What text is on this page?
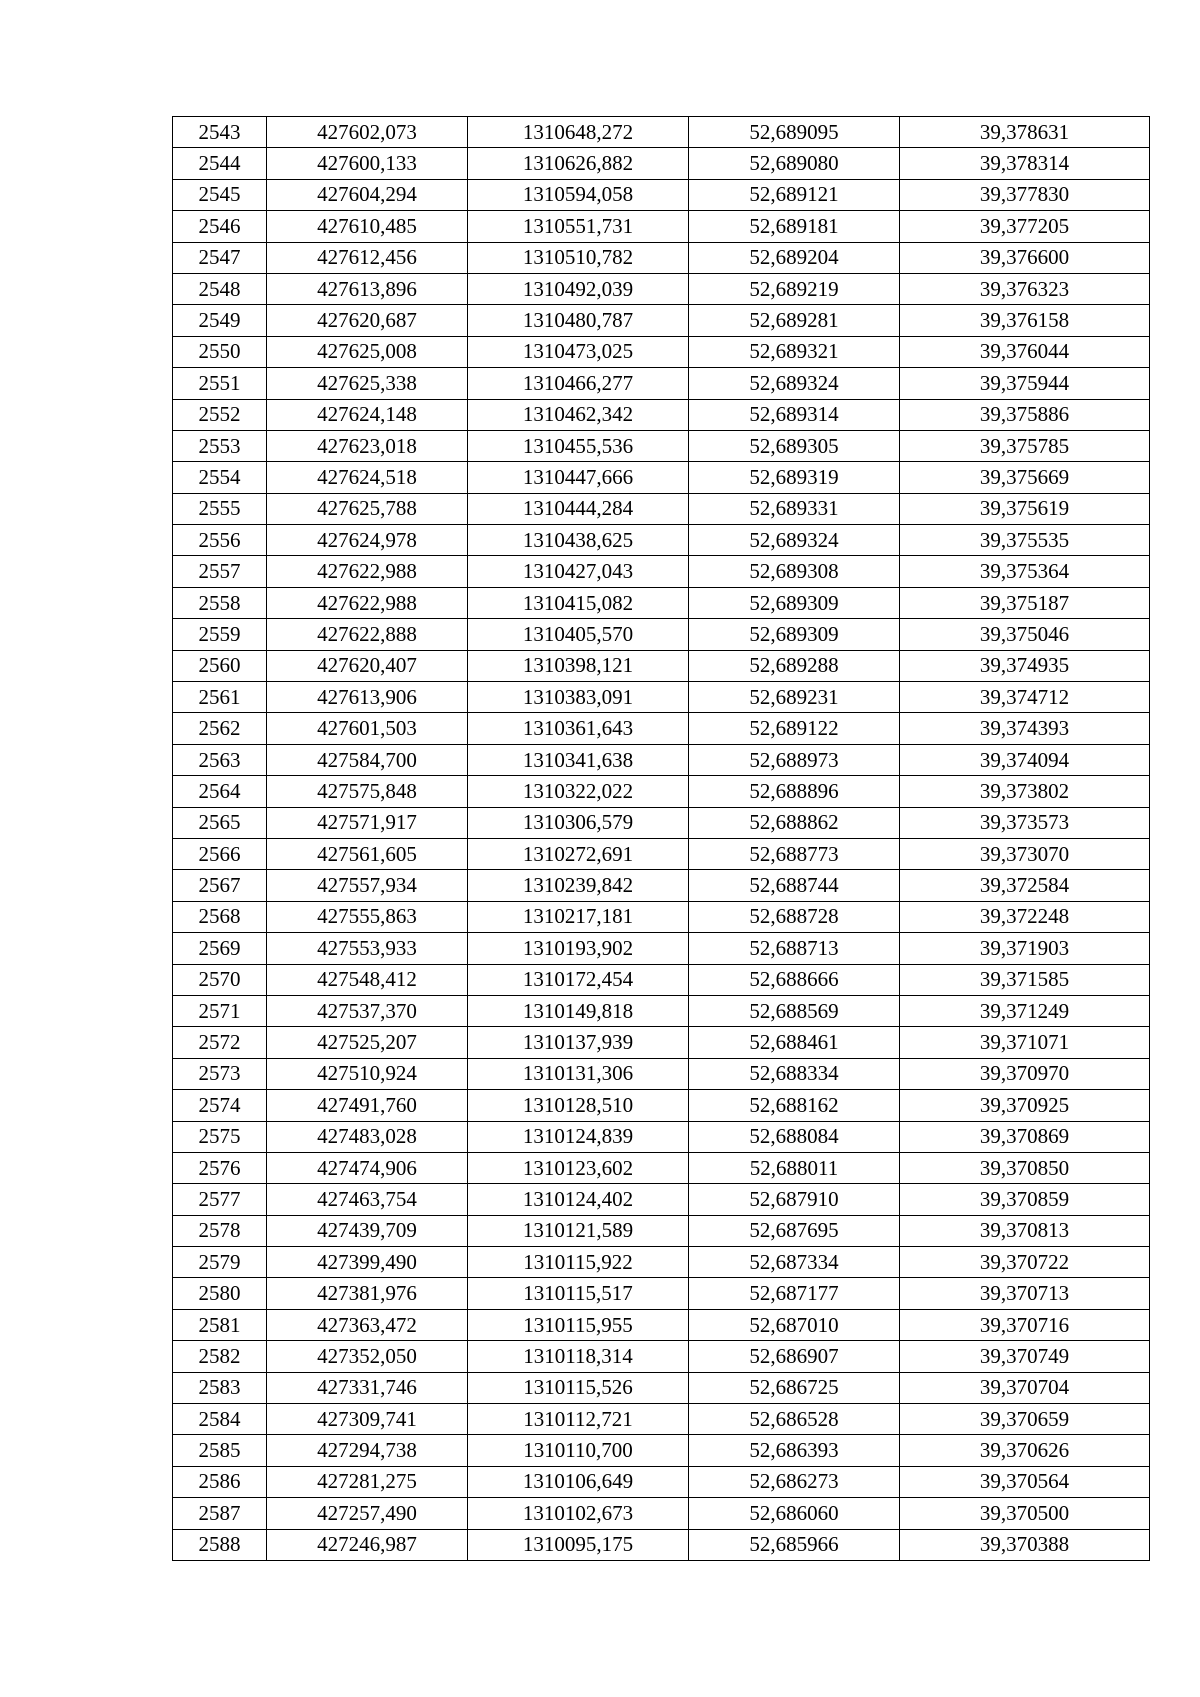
2543	427602,073	1310648,272	52,689095	39,378631
2544	427600,133	1310626,882	52,689080	39,378314
2545	427604,294	1310594,058	52,689121	39,377830
2546	427610,485	1310551,731	52,689181	39,377205
2547	427612,456	1310510,782	52,689204	39,376600
2548	427613,896	1310492,039	52,689219	39,376323
2549	427620,687	1310480,787	52,689281	39,376158
2550	427625,008	1310473,025	52,689321	39,376044
2551	427625,338	1310466,277	52,689324	39,375944
2552	427624,148	1310462,342	52,689314	39,375886
2553	427623,018	1310455,536	52,689305	39,375785
2554	427624,518	1310447,666	52,689319	39,375669
2555	427625,788	1310444,284	52,689331	39,375619
2556	427624,978	1310438,625	52,689324	39,375535
2557	427622,988	1310427,043	52,689308	39,375364
2558	427622,988	1310415,082	52,689309	39,375187
2559	427622,888	1310405,570	52,689309	39,375046
2560	427620,407	1310398,121	52,689288	39,374935
2561	427613,906	1310383,091	52,689231	39,374712
2562	427601,503	1310361,643	52,689122	39,374393
2563	427584,700	1310341,638	52,688973	39,374094
2564	427575,848	1310322,022	52,688896	39,373802
2565	427571,917	1310306,579	52,688862	39,373573
2566	427561,605	1310272,691	52,688773	39,373070
2567	427557,934	1310239,842	52,688744	39,372584
2568	427555,863	1310217,181	52,688728	39,372248
2569	427553,933	1310193,902	52,688713	39,371903
2570	427548,412	1310172,454	52,688666	39,371585
2571	427537,370	1310149,818	52,688569	39,371249
2572	427525,207	1310137,939	52,688461	39,371071
2573	427510,924	1310131,306	52,688334	39,370970
2574	427491,760	1310128,510	52,688162	39,370925
2575	427483,028	1310124,839	52,688084	39,370869
2576	427474,906	1310123,602	52,688011	39,370850
2577	427463,754	1310124,402	52,687910	39,370859
2578	427439,709	1310121,589	52,687695	39,370813
2579	427399,490	1310115,922	52,687334	39,370722
2580	427381,976	1310115,517	52,687177	39,370713
2581	427363,472	1310115,955	52,687010	39,370716
2582	427352,050	1310118,314	52,686907	39,370749
2583	427331,746	1310115,526	52,686725	39,370704
2584	427309,741	1310112,721	52,686528	39,370659
2585	427294,738	1310110,700	52,686393	39,370626
2586	427281,275	1310106,649	52,686273	39,370564
2587	427257,490	1310102,673	52,686060	39,370500
2588	427246,987	1310095,175	52,685966	39,370388
